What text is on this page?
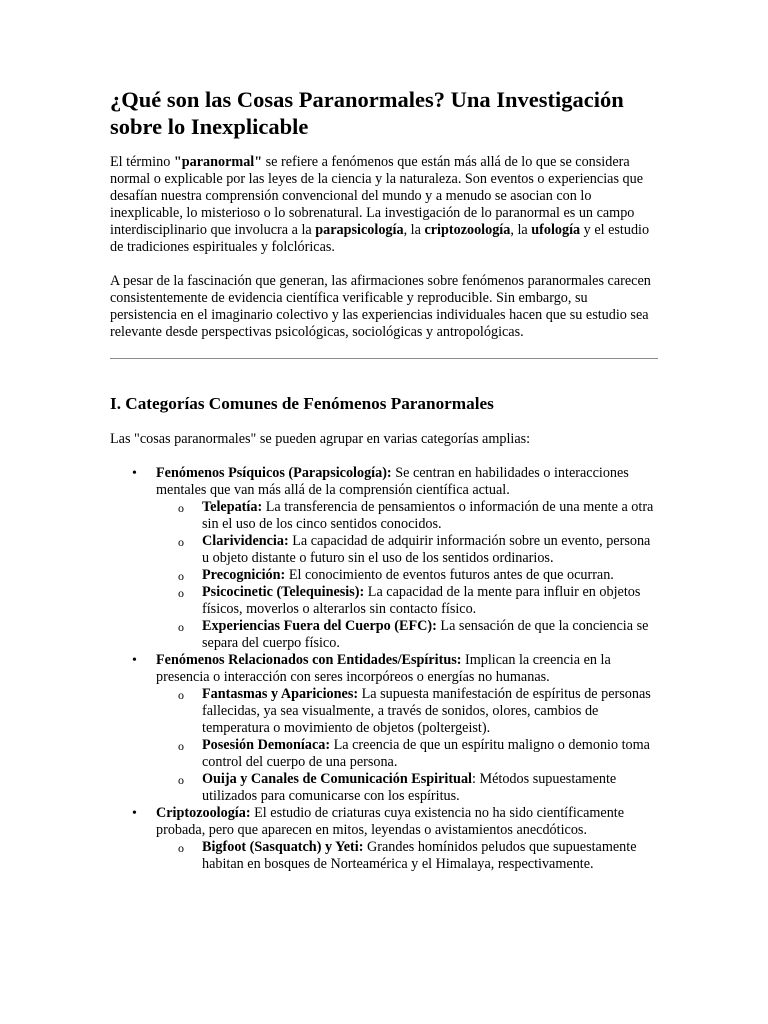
¿Qué son las Cosas Paranormales? Una Investigación sobre lo Inexplicable

El término "paranormal" se refiere a fenómenos que están más allá de lo que se considera normal o explicable por las leyes de la ciencia y la naturaleza. Son eventos o experiencias que desafían nuestra comprensión convencional del mundo y a menudo se asocian con lo inexplicable, lo misterioso o lo sobrenatural. La investigación de lo paranormal es un campo interdisciplinario que involucra a la parapsicología, la criptozoología, la ufología y el estudio de tradiciones espirituales y folclóricas.

A pesar de la fascinación que generan, las afirmaciones sobre fenómenos paranormales carecen consistentemente de evidencia científica verificable y reproducible. Sin embargo, su persistencia en el imaginario colectivo y las experiencias individuales hacen que su estudio sea relevante desde perspectivas psicológicas, sociológicas y antropológicas.

I. Categorías Comunes de Fenómenos Paranormales

Las "cosas paranormales" se pueden agrupar en varias categorías amplias:

• Fenómenos Psíquicos (Parapsicología): Se centran en habilidades o interacciones mentales que van más allá de la comprensión científica actual.
o Telepatía: La transferencia de pensamientos o información de una mente a otra sin el uso de los cinco sentidos conocidos.
o Clarividencia: La capacidad de adquirir información sobre un evento, persona u objeto distante o futuro sin el uso de los sentidos ordinarios.
o Precognición: El conocimiento de eventos futuros antes de que ocurran.
o Psicocinetic (Telequinesis): La capacidad de la mente para influir en objetos físicos, moverlos o alterarlos sin contacto físico.
o Experiencias Fuera del Cuerpo (EFC): La sensación de que la conciencia se separa del cuerpo físico.
• Fenómenos Relacionados con Entidades/Espíritus: Implican la creencia en la presencia o interacción con seres incorpóreos o energías no humanas.
o Fantasmas y Apariciones: La supuesta manifestación de espíritus de personas fallecidas, ya sea visualmente, a través de sonidos, olores, cambios de temperatura o movimiento de objetos (poltergeist).
o Posesión Demoníaca: La creencia de que un espíritu maligno o demonio toma control del cuerpo de una persona.
o Ouija y Canales de Comunicación Espiritual: Métodos supuestamente utilizados para comunicarse con los espíritus.
• Criptozoología: El estudio de criaturas cuya existencia no ha sido científicamente probada, pero que aparecen en mitos, leyendas o avistamientos anecdóticos.
o Bigfoot (Sasquatch) y Yeti: Grandes homínidos peludos que supuestamente habitan en bosques de Norteamérica y el Himalaya, respectivamente.
